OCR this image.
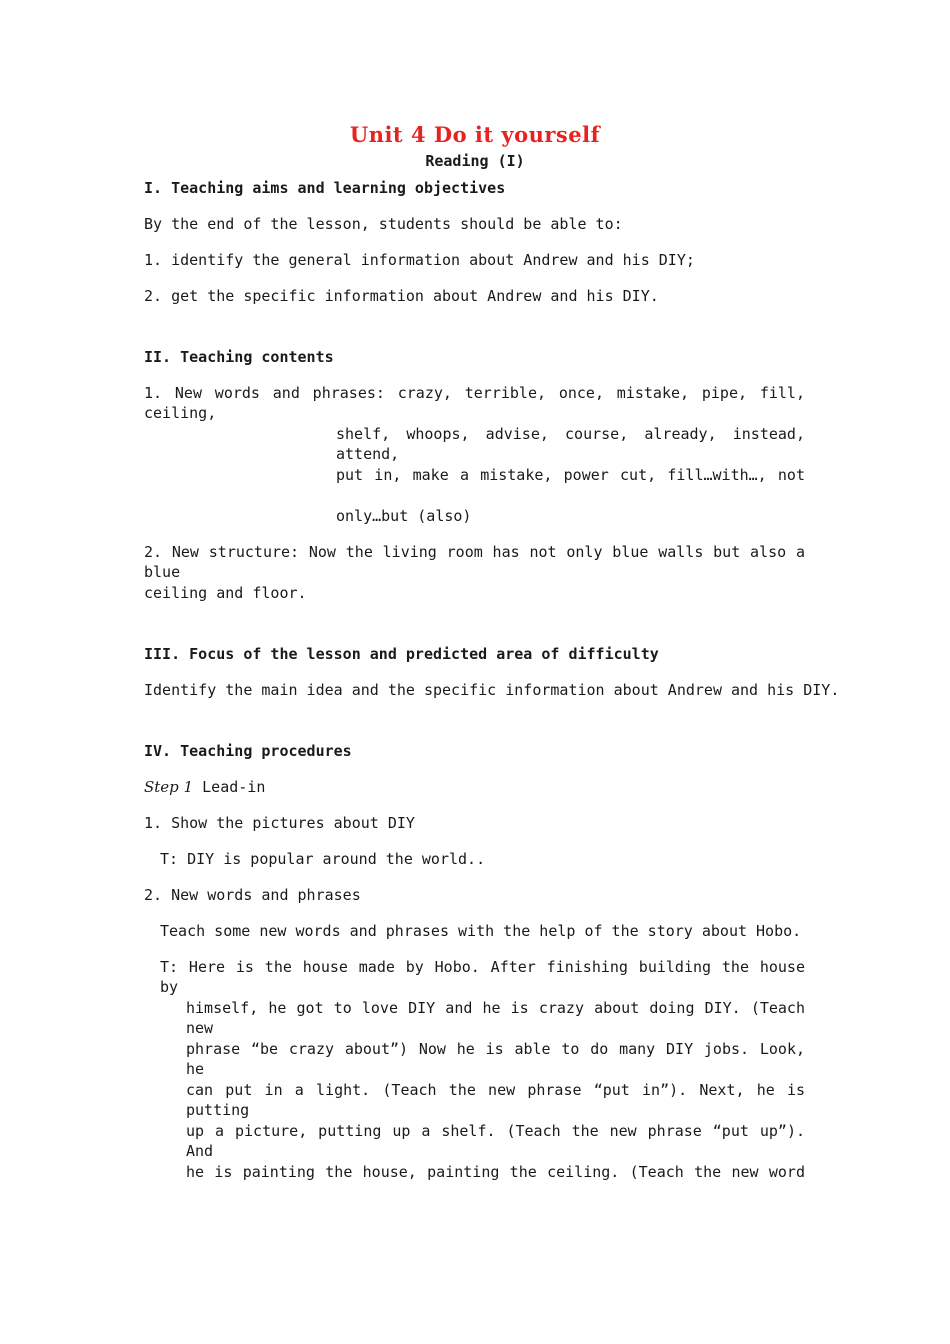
Unit 4 Do it yourself
Reading (I)
I. Teaching aims and learning objectives
By the end of the lesson, students should be able to:
1. identify the general information about Andrew and his DIY;
2. get the specific information about Andrew and his DIY.
II. Teaching contents
1. New words and phrases: crazy, terrible, once, mistake, pipe, fill, ceiling,
shelf, whoops, advise, course, already, instead, attend,
put in, make a mistake, power cut, fill…with…, not
only…but (also)
2. New structure: Now the living room has not only blue walls but also a blue
ceiling and floor.
III. Focus of the lesson and predicted area of difficulty
Identify the main idea and the specific information about Andrew and his DIY.
IV. Teaching procedures
Step 1 Lead-in
1. Show the pictures about DIY
T: DIY is popular around the world..
2. New words and phrases
Teach some new words and phrases with the help of the story about Hobo.
T: Here is the house made by Hobo. After finishing building the house by
himself, he got to love DIY and he is crazy about doing DIY. (Teach new
phrase “be crazy about”) Now he is able to do many DIY jobs. Look, he
can put in a light. (Teach the new phrase “put in”). Next, he is putting
up a picture, putting up a shelf. (Teach the new phrase “put up”). And
he is painting the house, painting the ceiling. (Teach the new word
